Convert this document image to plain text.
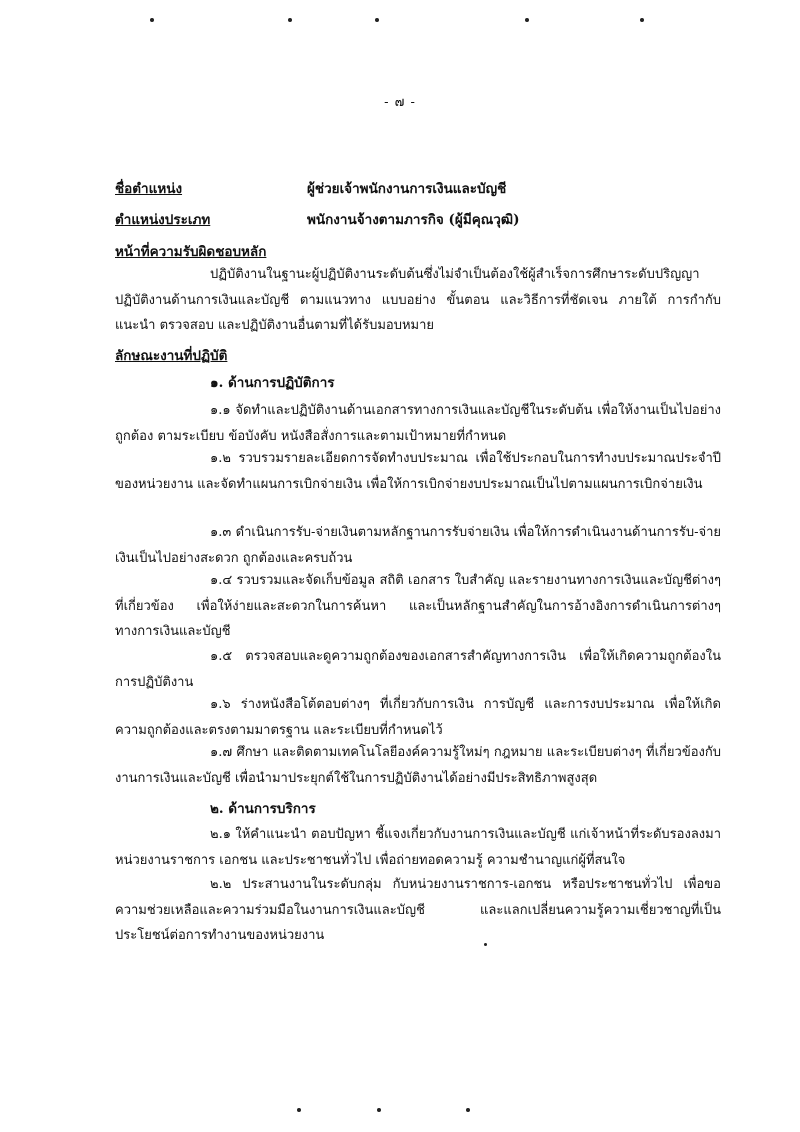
- ๗ -
ชื่อตำแหน่ง	ผู้ช่วยเจ้าพนักงานการเงินและบัญชี
ตำแหน่งประเภท	พนักงานจ้างตามภารกิจ (ผู้มีคุณวุฒิ)
หน้าที่ความรับผิดชอบหลัก

ปฏิบัติงานในฐานะผู้ปฏิบัติงานระดับต้นซึ่งไม่จำเป็นต้องใช้ผู้สำเร็จการศึกษาระดับปริญญา ปฏิบัติงานด้านการเงินและบัญชี ตามแนวทาง แบบอย่าง ขั้นตอน และวิธีการที่ชัดเจน ภายใต้ การกำกับ แนะนำ ตรวจสอบ และปฏิบัติงานอื่นตามที่ได้รับมอบหมาย

ลักษณะงานที่ปฏิบัติ
๑. ด้านการปฏิบัติการ

๑.๑ จัดทำและปฏิบัติงานด้านเอกสารทางการเงินและบัญชีในระดับต้น เพื่อให้งานเป็นไปอย่างถูกต้อง ตามระเบียบ ข้อบังคับ หนังสือสั่งการและตามเป้าหมายที่กำหนด

๑.๒ รวบรวมรายละเอียดการจัดทำงบประมาณ เพื่อใช้ประกอบในการทำงบประมาณประจำปีของหน่วยงาน และจัดทำแผนการเบิกจ่ายเงิน เพื่อให้การเบิกจ่ายงบประมาณเป็นไปตามแผนการเบิกจ่ายเงิน

๑.๓ ดำเนินการรับ-จ่ายเงินตามหลักฐานการรับจ่ายเงิน เพื่อให้การดำเนินงานด้านการรับ-จ่ายเงินเป็นไปอย่างสะดวก ถูกต้องและครบถ้วน

๑.๔ รวบรวมและจัดเก็บข้อมูล สถิติ เอกสาร ใบสำคัญ และรายงานทางการเงินและบัญชีต่างๆ ที่เกี่ยวข้อง เพื่อให้ง่ายและสะดวกในการค้นหา และเป็นหลักฐานสำคัญในการอ้างอิงการดำเนินการต่างๆ ทางการเงินและบัญชี

๑.๕ ตรวจสอบและดูความถูกต้องของเอกสารสำคัญทางการเงิน เพื่อให้เกิดความถูกต้องในการปฏิบัติงาน

๑.๖ ร่างหนังสือโต้ตอบต่างๆ ที่เกี่ยวกับการเงิน การบัญชี และการงบประมาณ เพื่อให้เกิดความถูกต้องและตรงตามมาตรฐาน และระเบียบที่กำหนดไว้

๑.๗ ศึกษา และติดตามเทคโนโลยีองค์ความรู้ใหม่ๆ กฎหมาย และระเบียบต่างๆ ที่เกี่ยวข้องกับงานการเงินและบัญชี เพื่อนำมาประยุกต์ใช้ในการปฏิบัติงานได้อย่างมีประสิทธิภาพสูงสุด

๒. ด้านการบริการ

๒.๑ ให้คำแนะนำ ตอบปัญหา ชี้แจงเกี่ยวกับงานการเงินและบัญชี แก่เจ้าหน้าที่ระดับรองลงมา หน่วยงานราชการ เอกชน และประชาชนทั่วไป เพื่อถ่ายทอดความรู้ ความชำนาญแก่ผู้ที่สนใจ

๒.๒ ประสานงานในระดับกลุ่ม กับหน่วยงานราชการ-เอกชน หรือประชาชนทั่วไป เพื่อขอความช่วยเหลือและความร่วมมือในงานการเงินและบัญชี และแลกเปลี่ยนความรู้ความเชี่ยวชาญที่เป็นประโยชน์ต่อการทำงานของหน่วยงาน
